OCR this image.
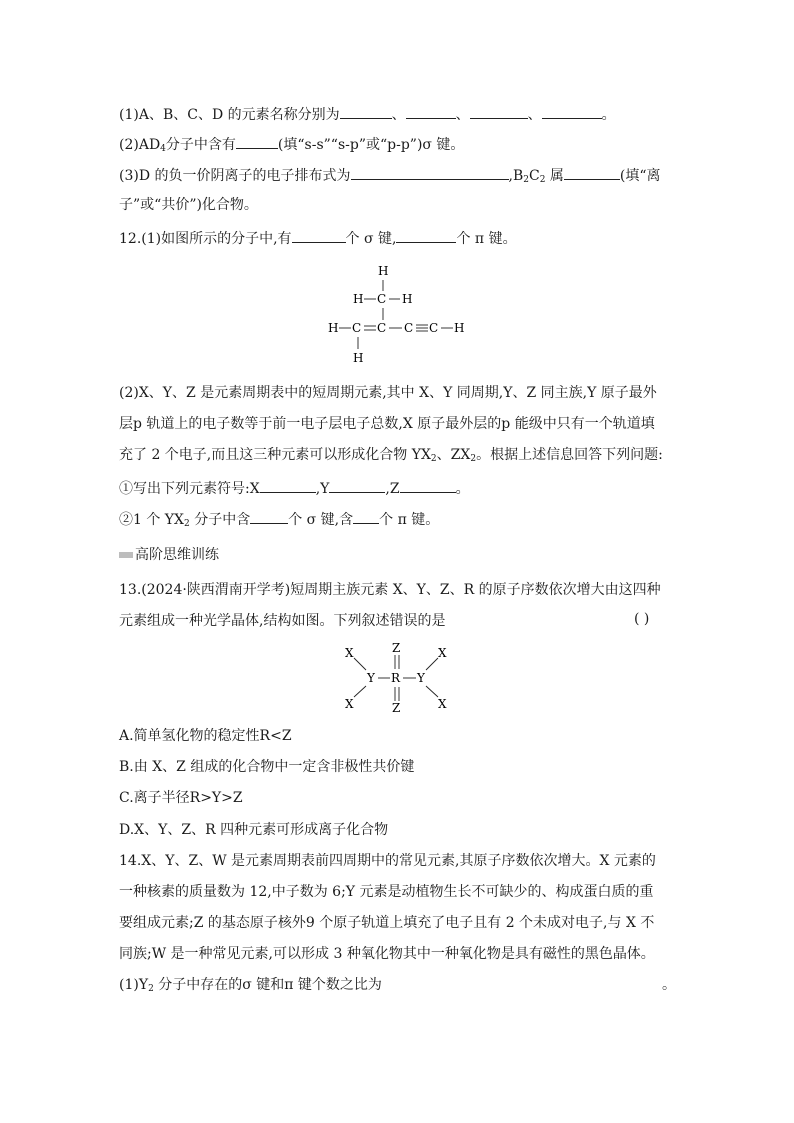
(1)A、B、C、D 的元素名称分别为	、	、	、	。
$(2)AD_4$分子中含有	(填“s-s”“s-p”或“p-p”)σ 键。
(3)D 的负一价阴离子的电子排布式为	$,B_2C_2$ 属	(填“离
子”或“共价”)化合物。
12.(1)如图所示的分子中,有	个 σ 键,	个 π 键。
H
H C H
H C C C C H
H
(2)X、Y、Z 是元素周期表中的短周期元素,其中 X、Y 同周期,Y、Z 同主族,Y 原子最外
层p 轨道上的电子数等于前一电子层电子总数,X 原子最外层的p 能级中只有一个轨道填
充了 2 个电子,而且这三种元素可以形成化合物 $YX_2$、$ZX_2$。根据上述信息回答下列问题:
①写出下列元素符号:X	,Y	,Z	。
②1 个 $YX_2$ 分子中含	个 σ 键,含 个 π 键。
高阶思维训练
13.(2024·陕西渭南开学考)短周期主族元素 X、Y、Z、R 的原子序数依次增大由这四种
元素组成一种光学晶体,结构如图。下列叙述错误的是	( )
X	Z	X
Y R Y
X	Z	X
A.简单氢化物的稳定性R<Z
B.由 X、Z 组成的化合物中一定含非极性共价键
C.离子半径R>Y>Z
D.X、Y、Z、R 四种元素可形成离子化合物
14.X、Y、Z、W 是元素周期表前四周期中的常见元素,其原子序数依次增大。X 元素的
一种核素的质量数为 12,中子数为 6;Y 元素是动植物生长不可缺少的、构成蛋白质的重
要组成元素;Z 的基态原子核外9 个原子轨道上填充了电子且有 2 个未成对电子,与 X 不
同族;W 是一种常见元素,可以形成 3 种氧化物其中一种氧化物是具有磁性的黑色晶体。
$(1)Y_2$ 分子中存在的σ 键和π 键个数之比为	。
